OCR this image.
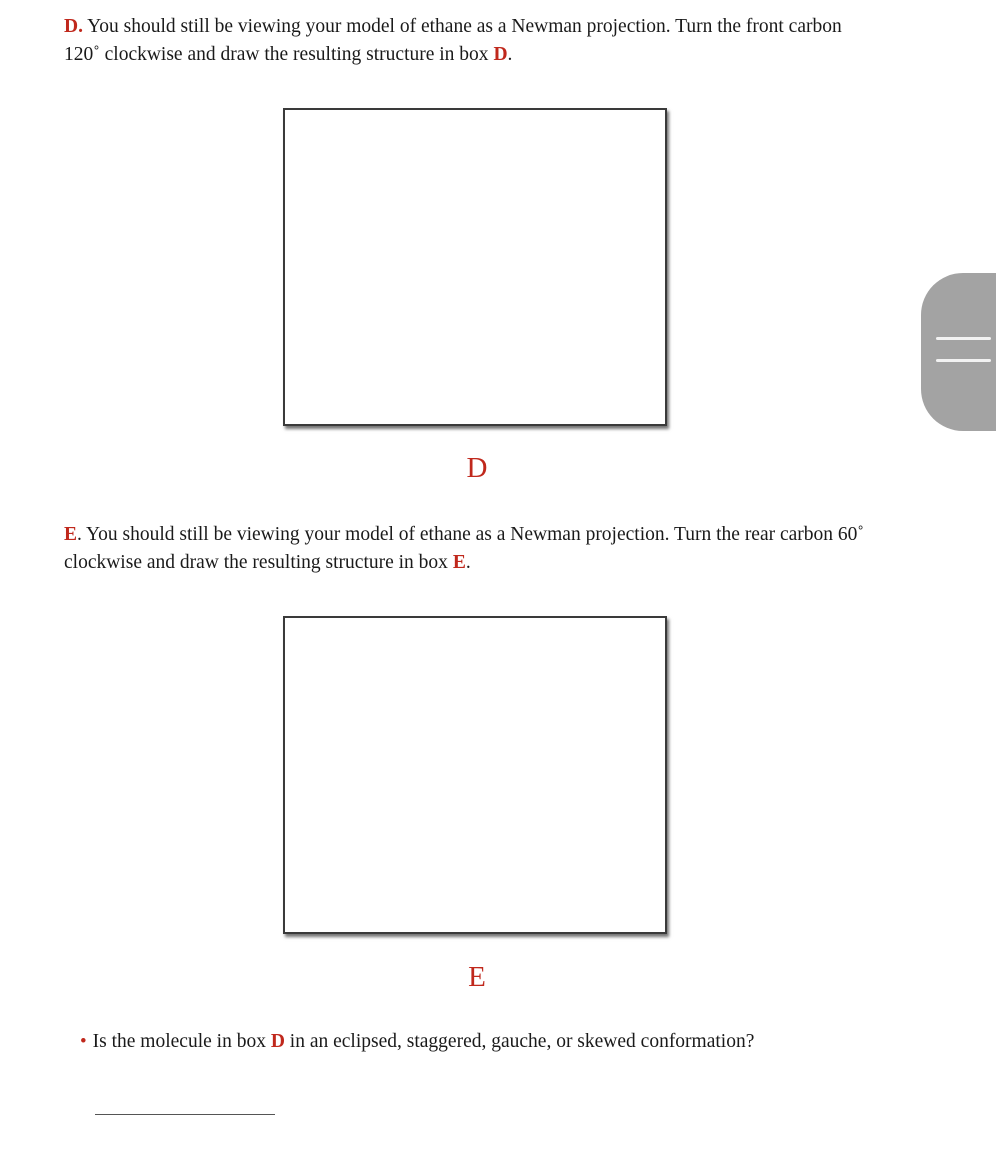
D. You should still be viewing your model of ethane as a Newman projection. Turn the front carbon 120˚ clockwise and draw the resulting structure in box D.

D

E. You should still be viewing your model of ethane as a Newman projection. Turn the rear carbon 60˚ clockwise and draw the resulting structure in box E.

E
• Is the molecule in box D in an eclipsed, staggered, gauche, or skewed conformation?
